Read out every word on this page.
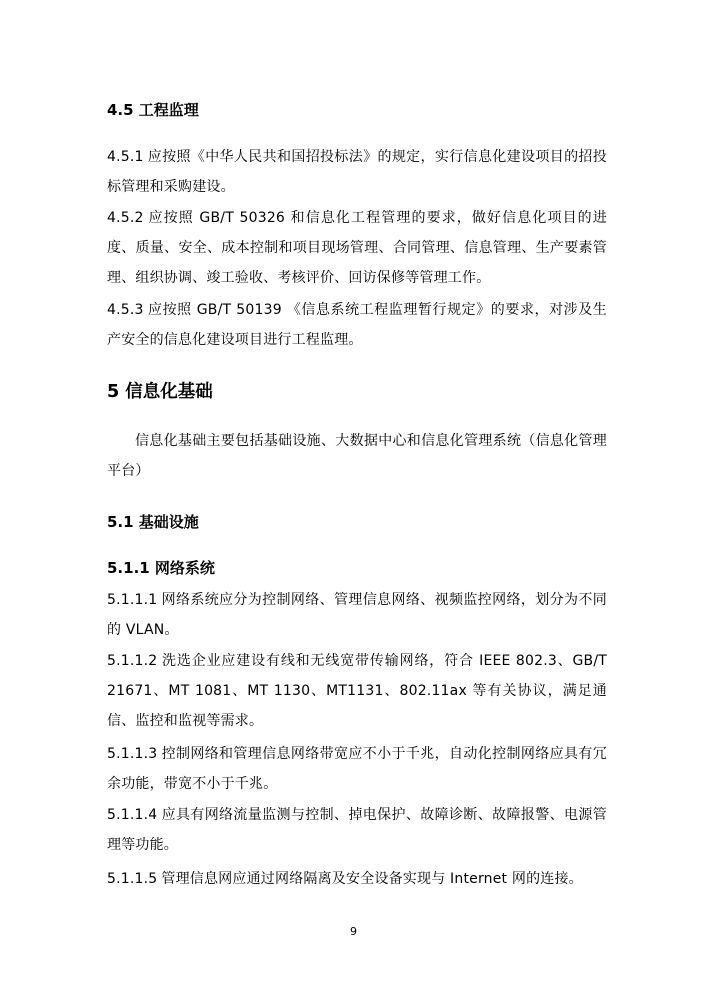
4.5 工程监理
4.5.1 应按照《中华人民共和国招投标法》的规定，实行信息化建设项目的招投标管理和采购建设。
4.5.2 应按照 GB/T 50326 和信息化工程管理的要求，做好信息化项目的进度、质量、安全、成本控制和项目现场管理、合同管理、信息管理、生产要素管理、组织协调、竣工验收、考核评价、回访保修等管理工作。
4.5.3 应按照 GB/T 50139 《信息系统工程监理暂行规定》的要求，对涉及生产安全的信息化建设项目进行工程监理。
5 信息化基础
信息化基础主要包括基础设施、大数据中心和信息化管理系统（信息化管理平台）
5.1 基础设施
5.1.1 网络系统
5.1.1.1 网络系统应分为控制网络、管理信息网络、视频监控网络，划分为不同的 VLAN。
5.1.1.2 洗选企业应建设有线和无线宽带传输网络，符合 IEEE 802.3、GB/T 21671、MT 1081、MT 1130、MT1131、802.11ax 等有关协议，满足通信、监控和监视等需求。
5.1.1.3 控制网络和管理信息网络带宽应不小于千兆，自动化控制网络应具有冗余功能，带宽不小于千兆。
5.1.1.4 应具有网络流量监测与控制、掉电保护、故障诊断、故障报警、电源管理等功能。
5.1.1.5 管理信息网应通过网络隔离及安全设备实现与 Internet 网的连接。
9
